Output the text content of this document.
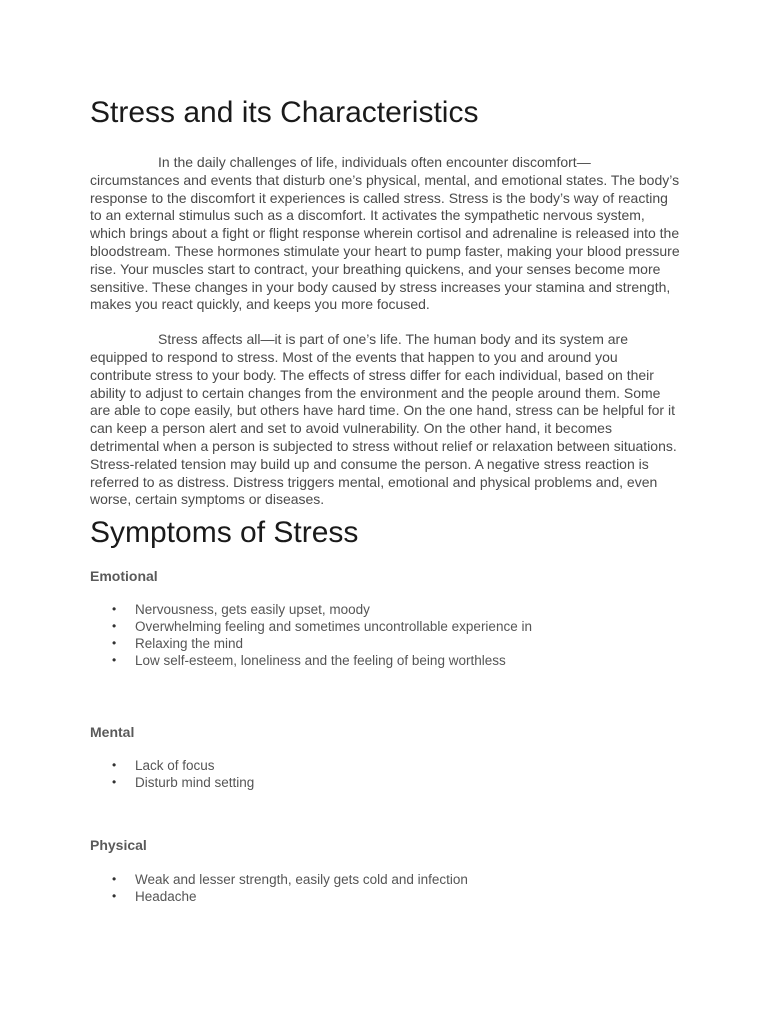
Stress and its Characteristics

In the daily challenges of life, individuals often encounter discomfort—circumstances and events that disturb one’s physical, mental, and emotional states. The body’s response to the discomfort it experiences is called stress. Stress is the body’s way of reacting to an external stimulus such as a discomfort. It activates the sympathetic nervous system, which brings about a fight or flight response wherein cortisol and adrenaline is released into the bloodstream. These hormones stimulate your heart to pump faster, making your blood pressure rise. Your muscles start to contract, your breathing quickens, and your senses become more sensitive. These changes in your body caused by stress increases your stamina and strength, makes you react quickly, and keeps you more focused.

Stress affects all—it is part of one’s life. The human body and its system are equipped to respond to stress. Most of the events that happen to you and around you contribute stress to your body. The effects of stress differ for each individual, based on their ability to adjust to certain changes from the environment and the people around them. Some are able to cope easily, but others have hard time. On the one hand, stress can be helpful for it can keep a person alert and set to avoid vulnerability. On the other hand, it becomes detrimental when a person is subjected to stress without relief or relaxation between situations. Stress-related tension may build up and consume the person. A negative stress reaction is referred to as distress. Distress triggers mental, emotional and physical problems and, even worse, certain symptoms or diseases.

Symptoms of Stress
Emotional
• Nervousness, gets easily upset, moody
• Overwhelming feeling and sometimes uncontrollable experience in
• Relaxing the mind
• Low self-esteem, loneliness and the feeling of being worthless
Mental
• Lack of focus
• Disturb mind setting
Physical
• Weak and lesser strength, easily gets cold and infection
• Headache
